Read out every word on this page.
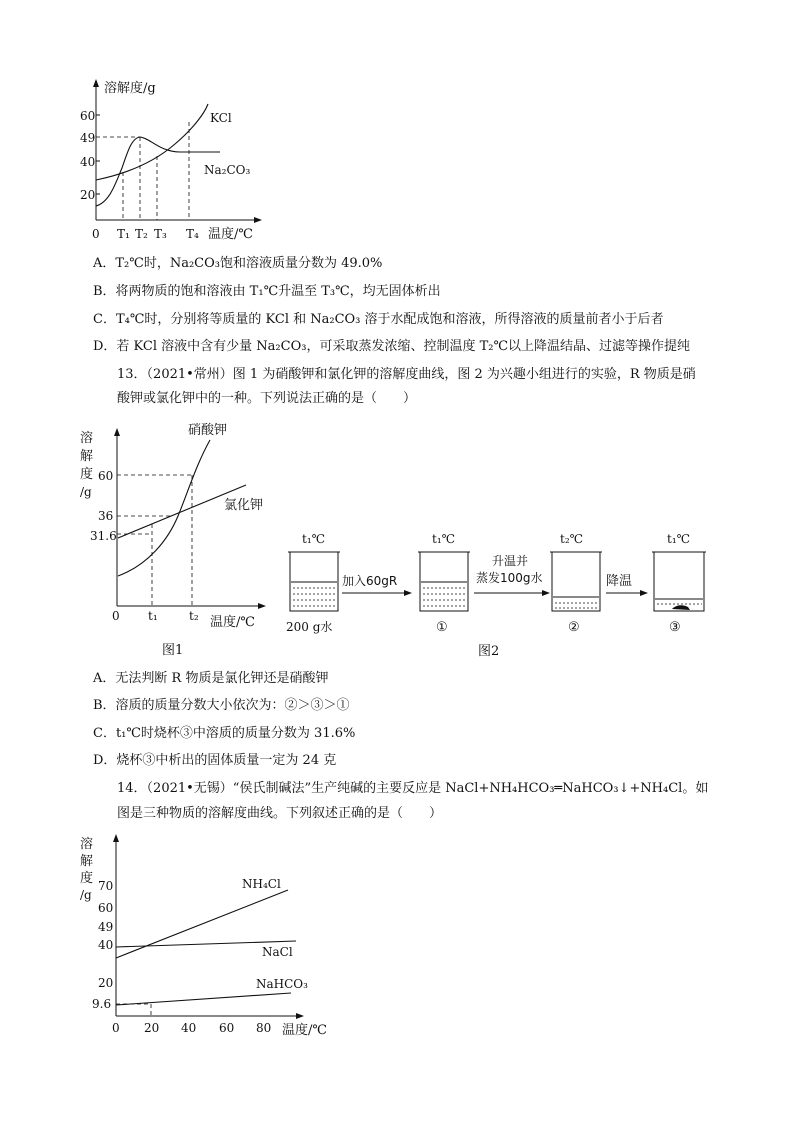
溶解度/g
60
49
40
20
0 T₁ T₂ T₃ T₄ 温度/℃
KCl
Na₂CO₃
A．T₂℃时，Na₂CO₃饱和溶液质量分数为 49.0%
B．将两物质的饱和溶液由 T₁℃升温至 T₃℃，均无固体析出
C．T₄℃时，分别将等质量的 KCl 和 Na₂CO₃ 溶于水配成饱和溶液，所得溶液的质量前者小于后者
D．若 KCl 溶液中含有少量 Na₂CO₃，可采取蒸发浓缩、控制温度 T₂℃以上降温结晶、过滤等操作提纯
13．（2021•常州）图 1 为硝酸钾和氯化钾的溶解度曲线，图 2 为兴趣小组进行的实验，R 物质是硝
酸钾或氯化钾中的一种。下列说法正确的是（　　）
溶
解
度
/g
60
36
31.6
0 t₁	t₂ 温度/℃
硝酸钾
氯化钾
图1
t₁℃	t₁℃	t₂℃	t₁℃
200 g水
加入60gR
①
升温并
蒸发100g水
②
降温
③
图2
A．无法判断 R 物质是氯化钾还是硝酸钾
B．溶质的质量分数大小依次为：②＞③＞①
C．t₁℃时烧杯③中溶质的质量分数为 31.6%
D．烧杯③中析出的固体质量一定为 24 克
14．（2021•无锡）“侯氏制碱法”生产纯碱的主要反应是 NaCl+NH₄HCO₃═NaHCO₃↓+NH₄Cl。如
图是三种物质的溶解度曲线。下列叙述正确的是（　　）
溶
解
度
/g
70
60
49
40
20
9.6
0 20 40 60 80 温度/℃
NH₄Cl
NaCl
NaHCO₃
